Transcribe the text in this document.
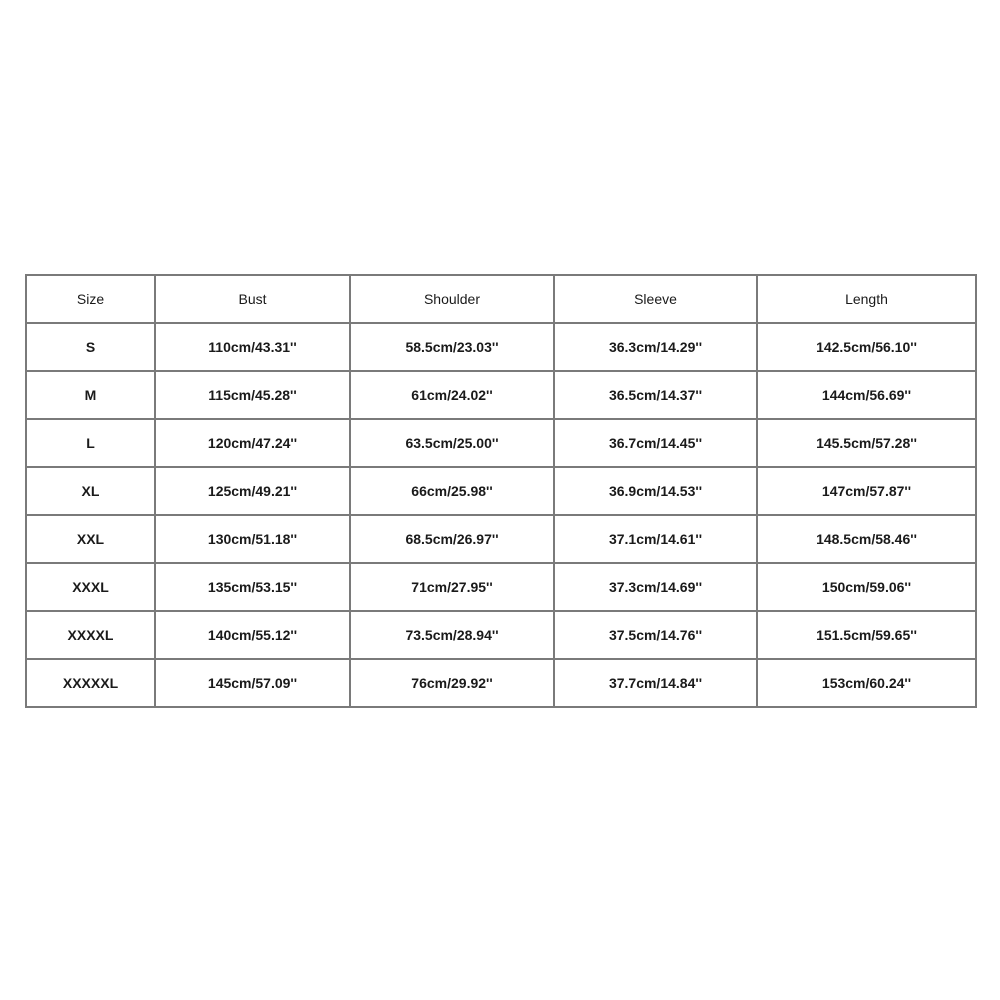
Size	Bust	Shoulder	Sleeve	Length
S	110cm/43.31''	58.5cm/23.03''	36.3cm/14.29''	142.5cm/56.10''
M	115cm/45.28''	61cm/24.02''	36.5cm/14.37''	144cm/56.69''
L	120cm/47.24''	63.5cm/25.00''	36.7cm/14.45''	145.5cm/57.28''
XL	125cm/49.21''	66cm/25.98''	36.9cm/14.53''	147cm/57.87''
XXL	130cm/51.18''	68.5cm/26.97''	37.1cm/14.61''	148.5cm/58.46''
XXXL	135cm/53.15''	71cm/27.95''	37.3cm/14.69''	150cm/59.06''
XXXXL	140cm/55.12''	73.5cm/28.94''	37.5cm/14.76''	151.5cm/59.65''
XXXXXL	145cm/57.09''	76cm/29.92''	37.7cm/14.84''	153cm/60.24''
